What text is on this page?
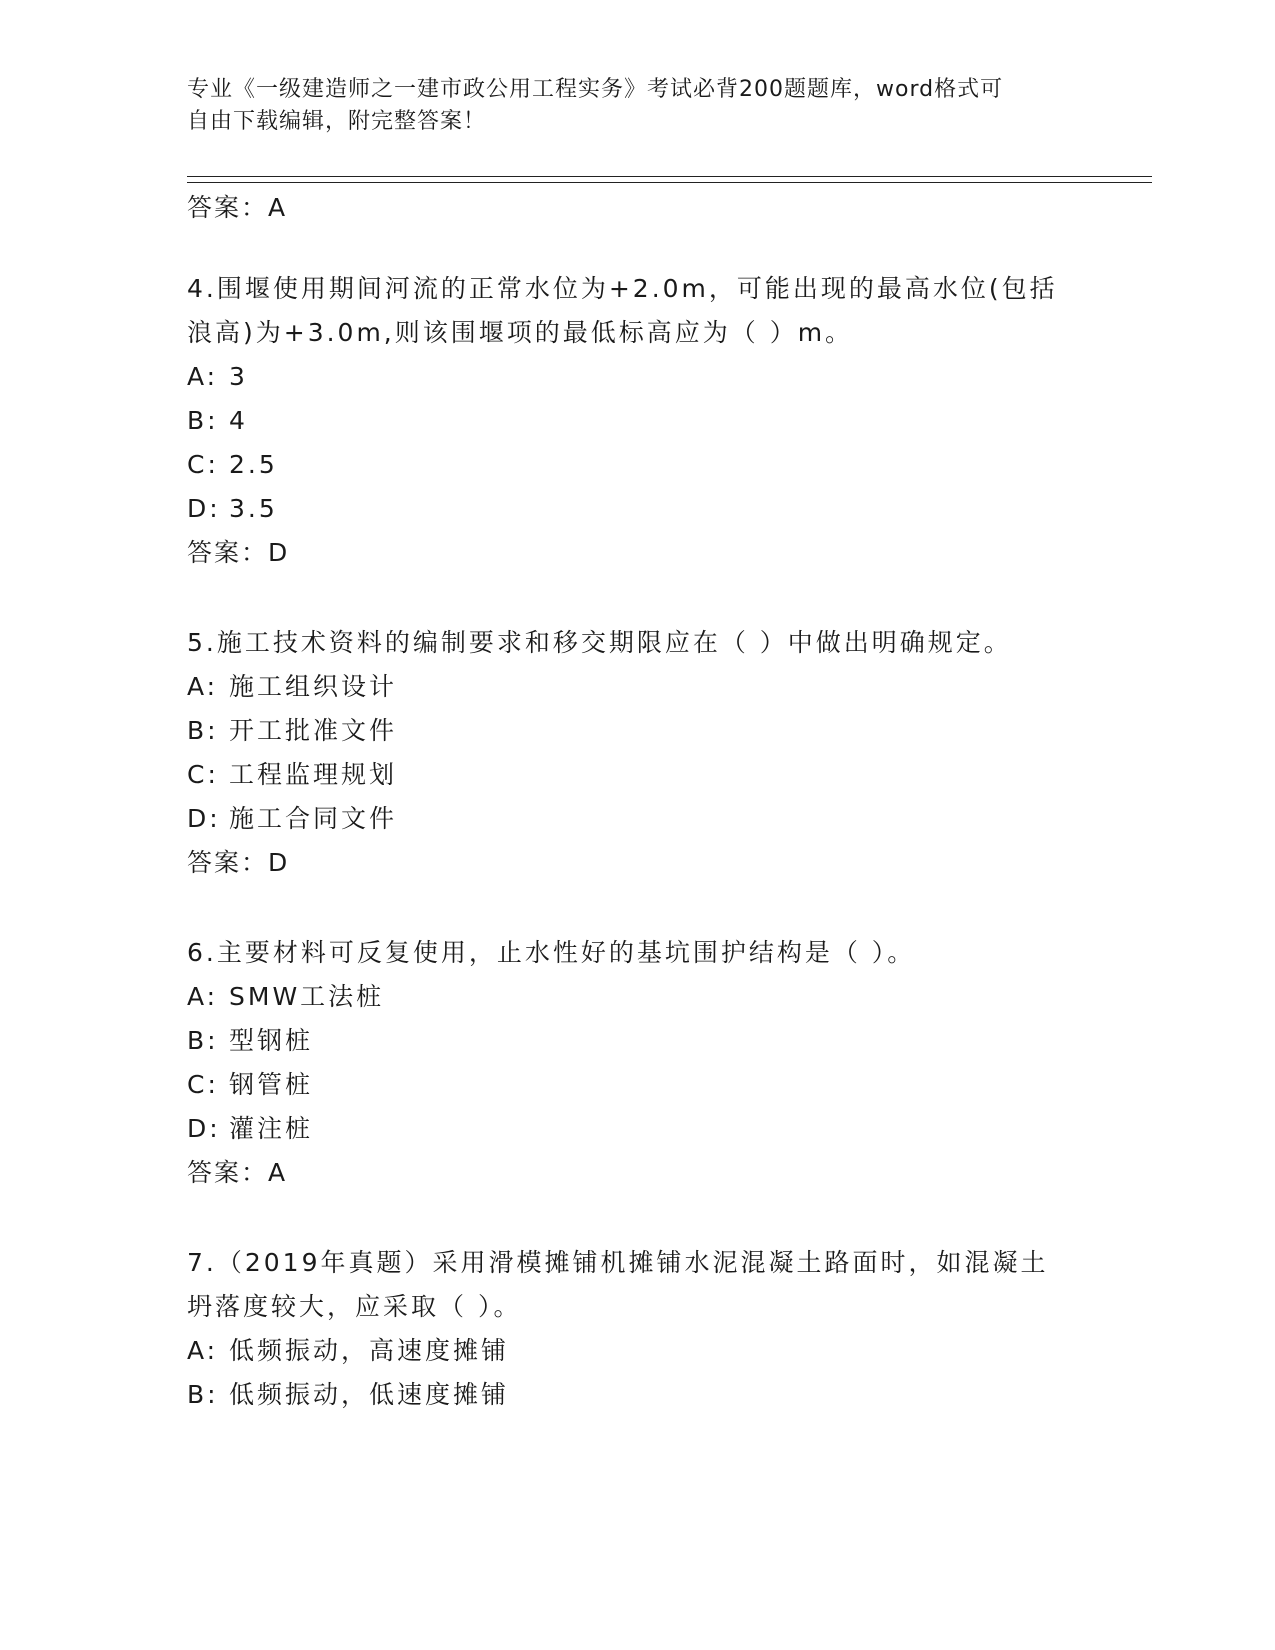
专业《一级建造师之一建市政公用工程实务》考试必背200题题库，word格式可
自由下载编辑，附完整答案！
答案：A
4.围堰使用期间河流的正常水位为+2.0m，可能出现的最高水位(包括
浪高)为+3.0m,则该围堰项的最低标高应为（ ）m。
A: 3
B: 4
C: 2.5
D: 3.5
答案：D
5.施工技术资料的编制要求和移交期限应在（ ）中做出明确规定。
A: 施工组织设计
B: 开工批准文件
C: 工程监理规划
D: 施工合同文件
答案：D
6.主要材料可反复使用，止水性好的基坑围护结构是（ ）。
A: SMW工法桩
B: 型钢桩
C: 钢管桩
D: 灌注桩
答案：A
7.（2019年真题）采用滑模摊铺机摊铺水泥混凝土路面时，如混凝土
坍落度较大，应采取（ ）。
A: 低频振动，高速度摊铺
B: 低频振动，低速度摊铺
